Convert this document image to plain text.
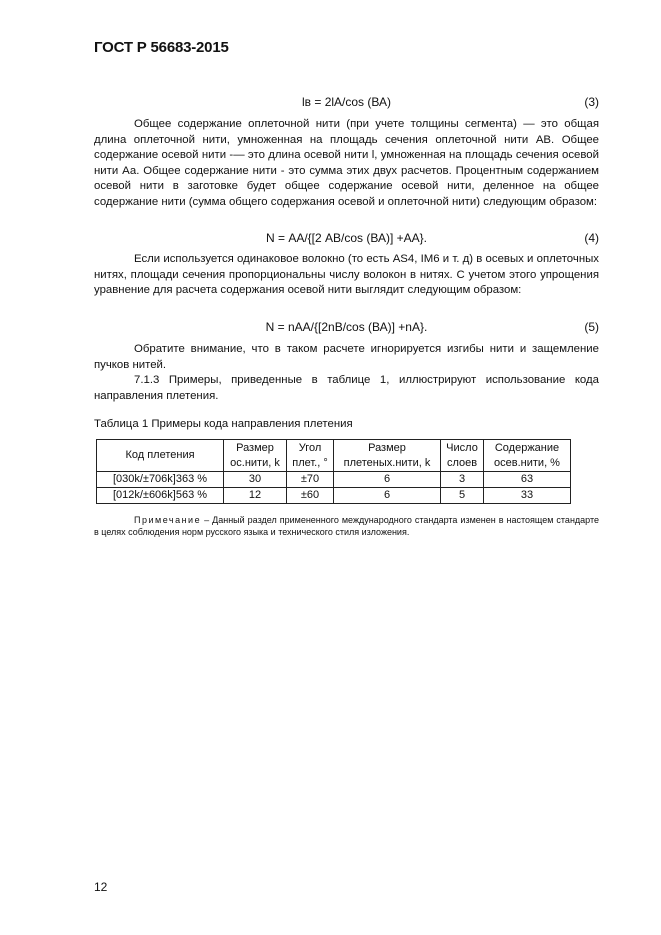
ГОСТ Р 56683-2015
lв = 2lА/cos (ВА)	(3)

Общее содержание оплеточной нити (при учете толщины сегмента) — это общая длина оплеточной нити, умноженная на площадь сечения оплеточной нити АВ. Общее содержание осевой нити -— это длина осевой нити l, умноженная на площадь сечения осевой нити Аа. Общее содержание нити - это сумма этих двух расчетов. Процентным содержанием осевой нити в заготовке будет общее содержание осевой нити, деленное на общее содержание нити (сумма общего содержания осевой и оплеточной нити) следующим образом:

N = АА/{[2 АВ/cos (ВА)] +АА}.	(4)

Если используется одинаковое волокно (то есть AS4, IM6 и т. д) в осевых и оплеточных нитях, площади сечения пропорциональны числу волокон в нитях. С учетом этого упрощения уравнение для расчета содержания осевой нити выглядит следующим образом:

N = nАА/{[2nВ/cos (ВА)] +nА}.	(5)

Обратите внимание, что в таком расчете игнорируется изгибы нити и защемление пучков нитей.

7.1.3 Примеры, приведенные в таблице 1, иллюстрируют использование кода направления плетения.

Таблица 1 Примеры кода направления плетения
Код плетения	Размер ос.нити, k	Угол плет., °	Размер плетеных.нити, k	Число слоев	Содержание осев.нити, %
[030k/±706k]363 %	30	±70	6	3	63
[012k/±606k]563 %	12	±60	6	5	33

Примечание – Данный раздел примененного международного стандарта изменен в настоящем стандарте в целях соблюдения норм русского языка и технического стиля изложения.

12
